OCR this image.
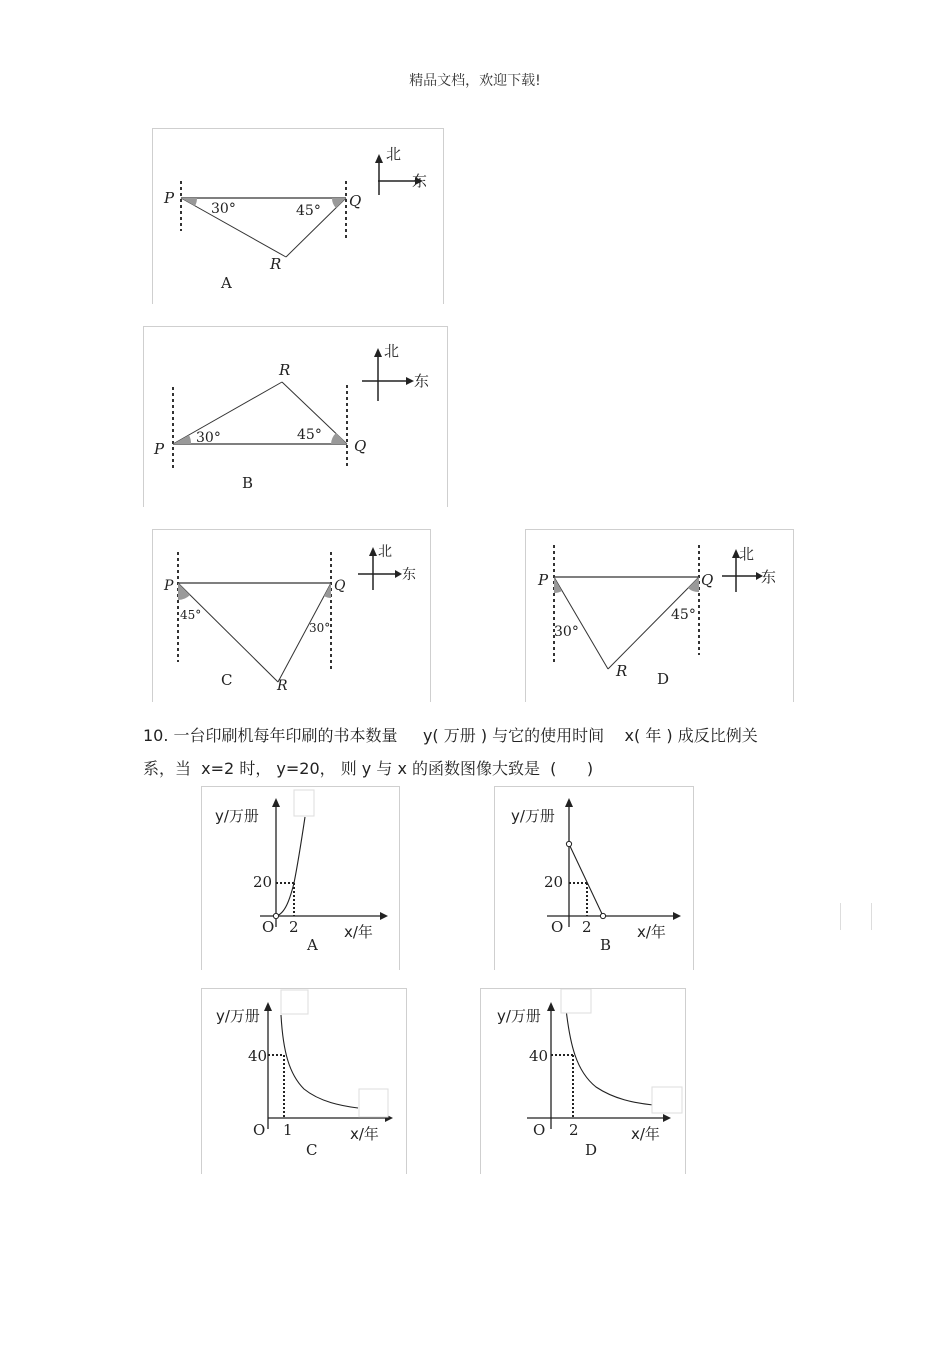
精品文档，欢迎下载!
北
东
P	Q
R
30°	45°
A
北
东
P	Q
R
30°	45°
B
北
东
P	Q
R
45°
30°
C
北
东
P	Q
R
30°
45°
D
10. 一台印刷机每年印刷的书本数量     y( 万册 ) 与它的使用时间    x( 年 ) 成反比例关
系，当  x=2 时， y=20， 则 y 与 x 的函数图像大致是  (      )
y/万册
20
O 2	x/年
A
y/万册
20
O 2	x/年
B
y/万册
40
O 1	x/年
C
y/万册
40
O 2	x/年
D
